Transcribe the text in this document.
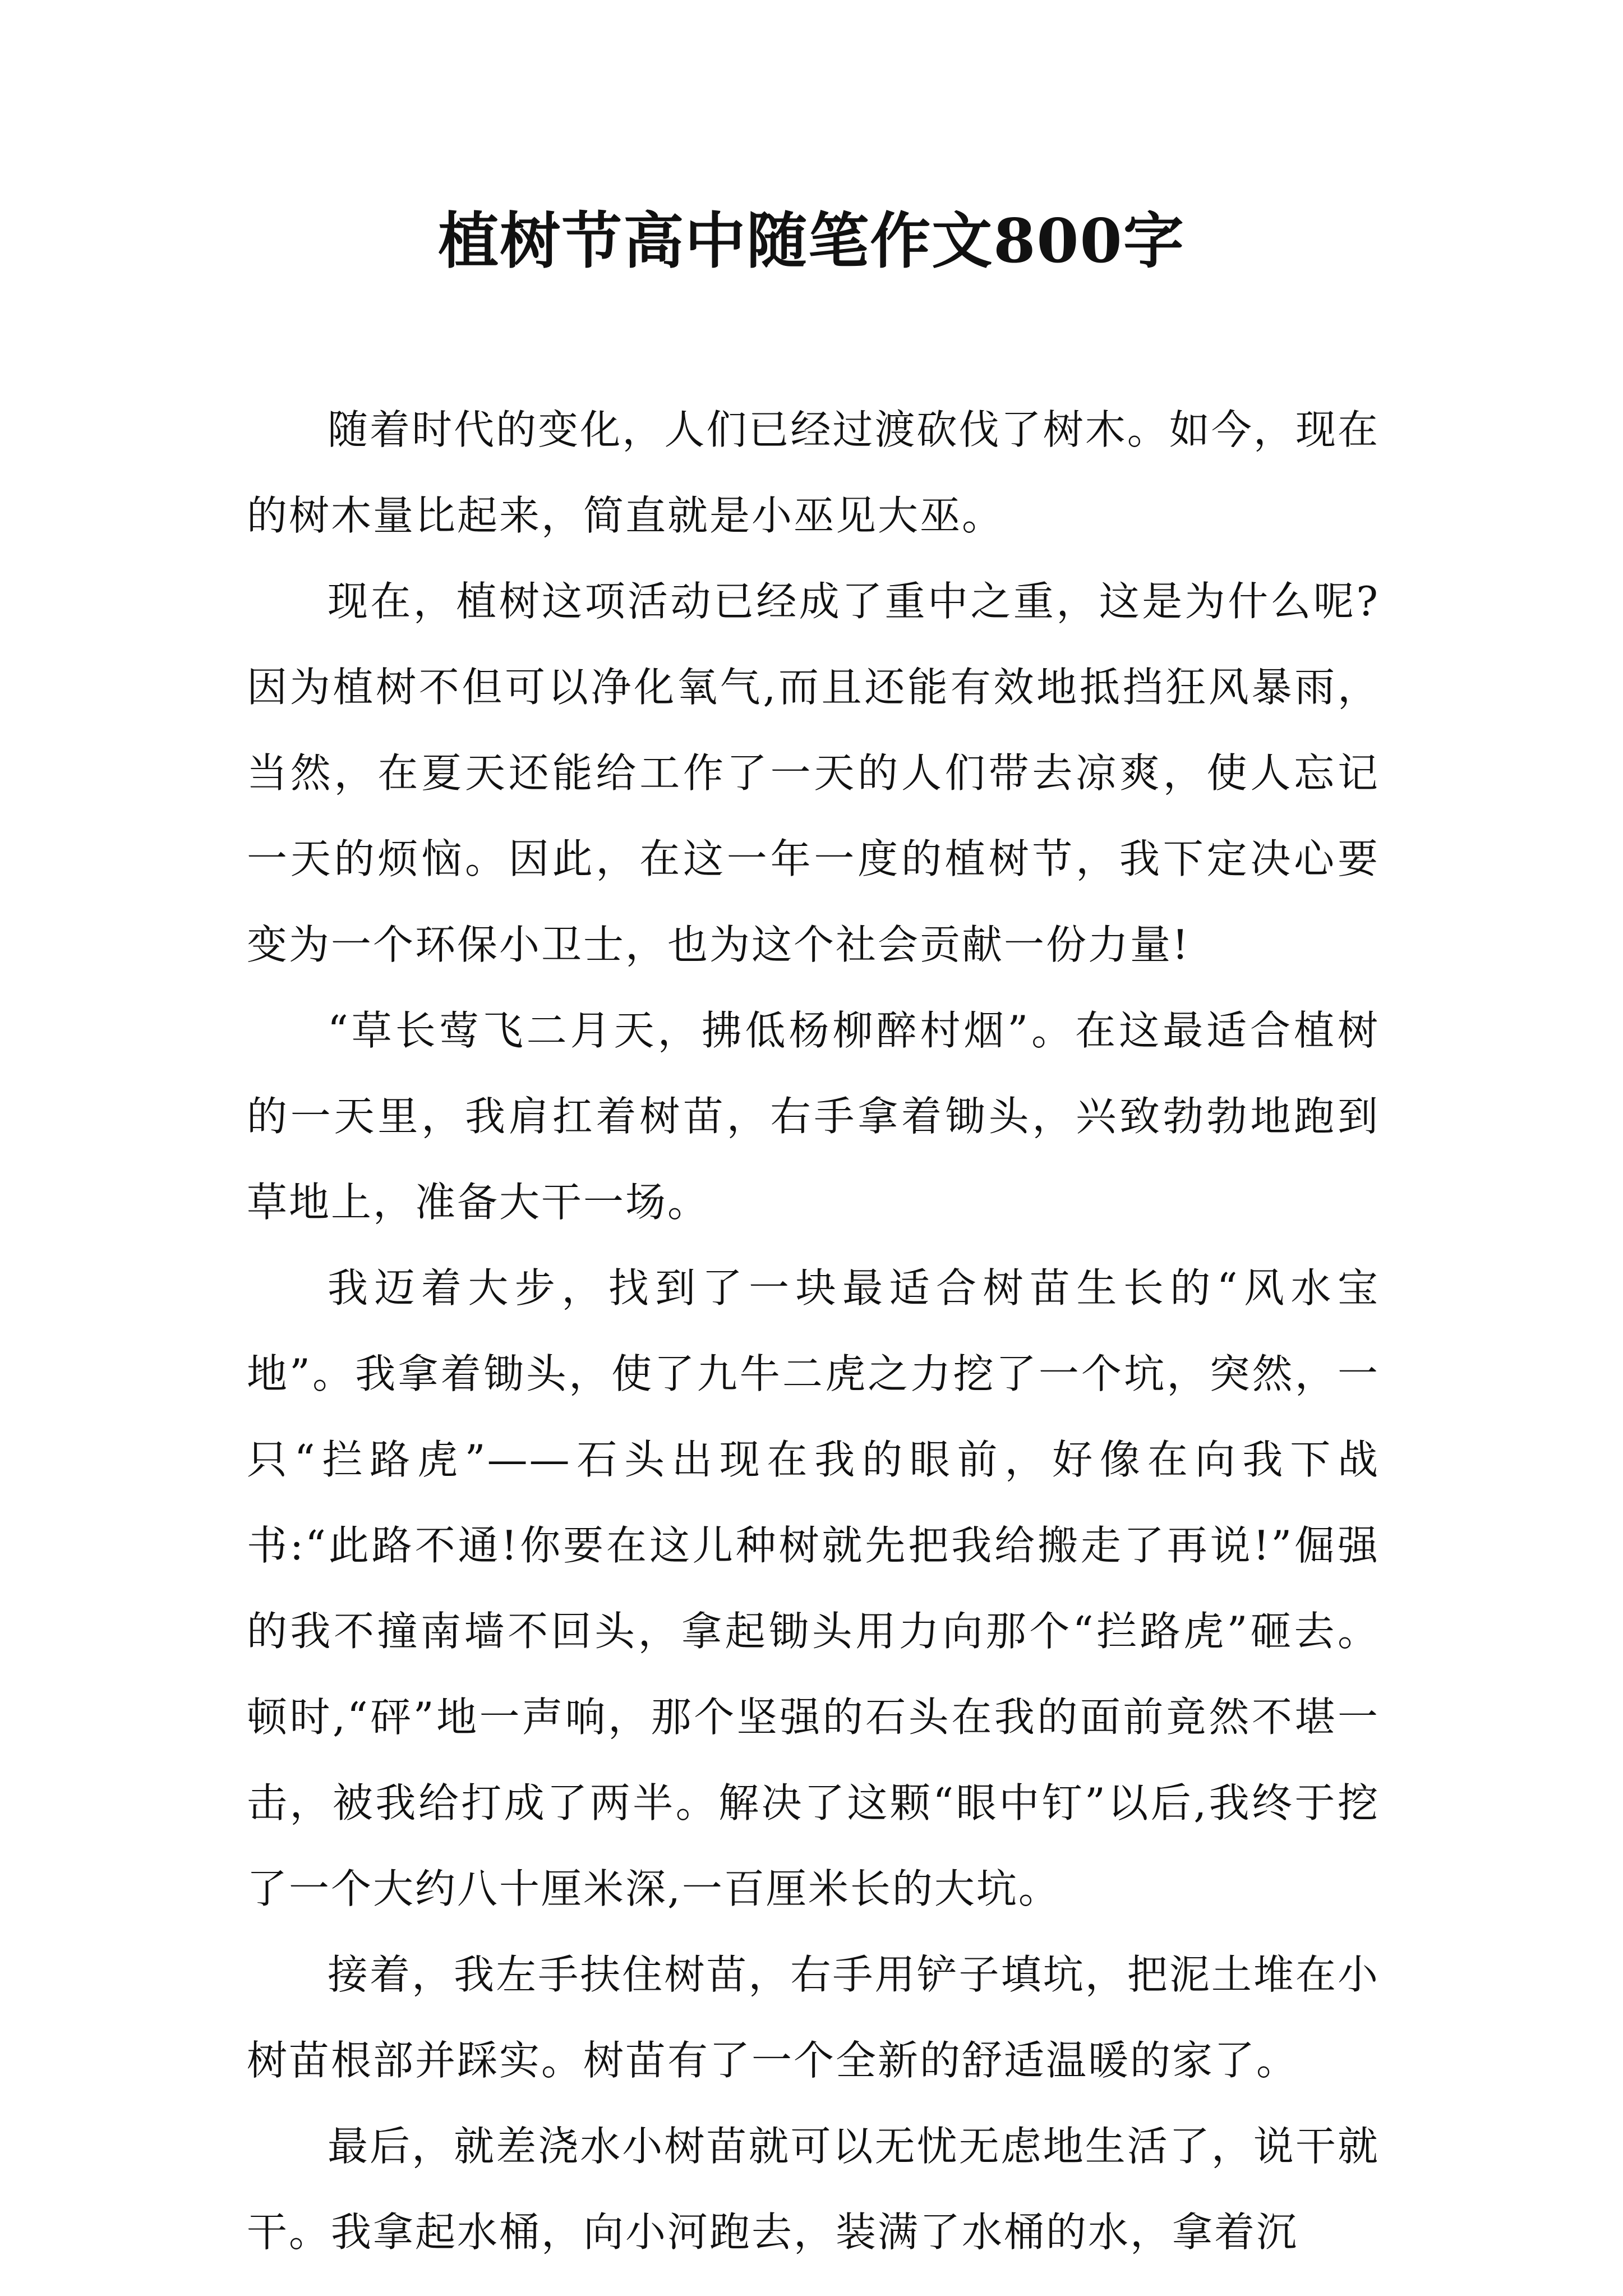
植树节高中随笔作文800字

随着时代的变化，人们已经过渡砍伐了树木。如今，现在的树木量比起来，简直就是小巫见大巫。

现在，植树这项活动已经成了重中之重，这是为什么呢?因为植树不但可以净化氧气,而且还能有效地抵挡狂风暴雨，当然，在夏天还能给工作了一天的人们带去凉爽，使人忘记一天的烦恼。因此，在这一年一度的植树节，我下定决心要变为一个环保小卫士，也为这个社会贡献一份力量!

“草长莺飞二月天，拂低杨柳醉村烟”。在这最适合植树的一天里，我肩扛着树苗，右手拿着锄头，兴致勃勃地跑到草地上，准备大干一场。

我迈着大步，找到了一块最适合树苗生长的“风水宝地”。我拿着锄头，使了九牛二虎之力挖了一个坑，突然，一只“拦路虎”——石头出现在我的眼前，好像在向我下战书:“此路不通!你要在这儿种树就先把我给搬走了再说!”倔强的我不撞南墙不回头，拿起锄头用力向那个“拦路虎”砸去。顿时,“砰”地一声响，那个坚强的石头在我的面前竟然不堪一击，被我给打成了两半。解决了这颗“眼中钉”以后,我终于挖了一个大约八十厘米深,一百厘米长的大坑。

接着，我左手扶住树苗，右手用铲子填坑，把泥土堆在小树苗根部并踩实。树苗有了一个全新的舒适温暖的家了。

最后，就差浇水小树苗就可以无忧无虑地生活了，说干就干。我拿起水桶，向小河跑去，装满了水桶的水，拿着沉
